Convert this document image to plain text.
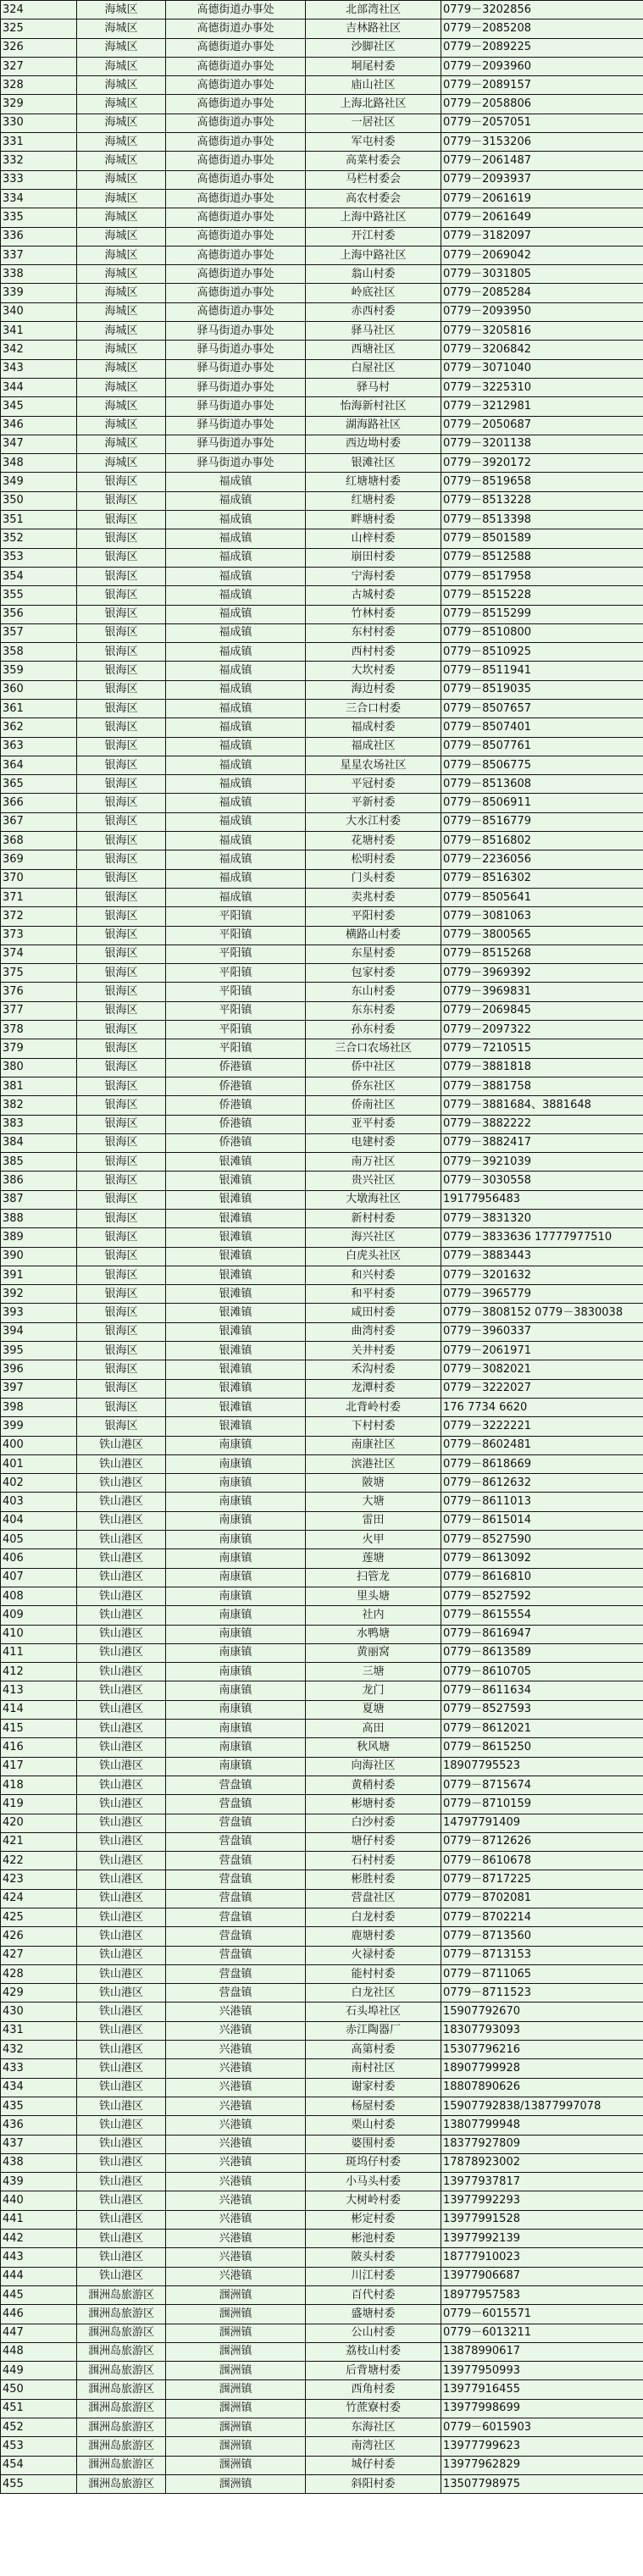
324	海城区	高德街道办事处	北部湾社区	0779－3202856
325	海城区	高德街道办事处	吉林路社区	0779－2085208
326	海城区	高德街道办事处	沙脚社区	0779－2089225
327	海城区	高德街道办事处	垌尾村委	0779－2093960
328	海城区	高德街道办事处	庙山社区	0779－2089157
329	海城区	高德街道办事处	上海北路社区	0779－2058806
330	海城区	高德街道办事处	一居社区	0779－2057051
331	海城区	高德街道办事处	军屯村委	0779－3153206
332	海城区	高德街道办事处	高菜村委会	0779－2061487
333	海城区	高德街道办事处	马栏村委会	0779－2093937
334	海城区	高德街道办事处	高农村委会	0779－2061619
335	海城区	高德街道办事处	上海中路社区	0779－2061649
336	海城区	高德街道办事处	开江村委	0779－3182097
337	海城区	高德街道办事处	上海中路社区	0779－2069042
338	海城区	高德街道办事处	翁山村委	0779－3031805
339	海城区	高德街道办事处	岭底社区	0779－2085284
340	海城区	高德街道办事处	赤西村委	0779－2093950
341	海城区	驿马街道办事处	驿马社区	0779－3205816
342	海城区	驿马街道办事处	西塘社区	0779－3206842
343	海城区	驿马街道办事处	白屋社区	0779－3071040
344	海城区	驿马街道办事处	驿马村	0779－3225310
345	海城区	驿马街道办事处	怡海新村社区	0779－3212981
346	海城区	驿马街道办事处	湖海路社区	0779－2050687
347	海城区	驿马街道办事处	西边坳村委	0779－3201138
348	海城区	驿马街道办事处	银滩社区	0779－3920172
349	银海区	福成镇	红塘塘村委	0779－8519658
350	银海区	福成镇	红塘村委	0779－8513228
351	银海区	福成镇	畔塘村委	0779－8513398
352	银海区	福成镇	山梓村委	0779－8501589
353	银海区	福成镇	崩田村委	0779－8512588
354	银海区	福成镇	宁海村委	0779－8517958
355	银海区	福成镇	古城村委	0779－8515228
356	银海区	福成镇	竹林村委	0779－8515299
357	银海区	福成镇	东村村委	0779－8510800
358	银海区	福成镇	西村村委	0779－8510925
359	银海区	福成镇	大坎村委	0779－8511941
360	银海区	福成镇	海边村委	0779－8519035
361	银海区	福成镇	三合口村委	0779－8507657
362	银海区	福成镇	福成村委	0779－8507401
363	银海区	福成镇	福成社区	0779－8507761
364	银海区	福成镇	星星农场社区	0779－8506775
365	银海区	福成镇	平冠村委	0779－8513608
366	银海区	福成镇	平新村委	0779－8506911
367	银海区	福成镇	大水江村委	0779－8516779
368	银海区	福成镇	花塘村委	0779－8516802
369	银海区	福成镇	松明村委	0779－2236056
370	银海区	福成镇	门头村委	0779－8516302
371	银海区	福成镇	卖兆村委	0779－8505641
372	银海区	平阳镇	平阳村委	0779－3081063
373	银海区	平阳镇	横路山村委	0779－3800565
374	银海区	平阳镇	东星村委	0779－8515268
375	银海区	平阳镇	包家村委	0779－3969392
376	银海区	平阳镇	东山村委	0779－3969831
377	银海区	平阳镇	东东村委	0779－2069845
378	银海区	平阳镇	孙东村委	0779－2097322
379	银海区	平阳镇	三合口农场社区	0779－7210515
380	银海区	侨港镇	侨中社区	0779－3881818
381	银海区	侨港镇	侨东社区	0779－3881758
382	银海区	侨港镇	侨南社区	0779－3881684、3881648
383	银海区	侨港镇	亚平村委	0779－3882222
384	银海区	侨港镇	电建村委	0779－3882417
385	银海区	银滩镇	南万社区	0779－3921039
386	银海区	银滩镇	贵兴社区	0779－3030558
387	银海区	银滩镇	大墩海社区	19177956483
388	银海区	银滩镇	新村村委	0779－3831320
389	银海区	银滩镇	海兴社区	0779－3833636 17777977510
390	银海区	银滩镇	白虎头社区	0779－3883443
391	银海区	银滩镇	和兴村委	0779－3201632
392	银海区	银滩镇	和平村委	0779－3965779
393	银海区	银滩镇	咸田村委	0779－3808152 0779－3830038
394	银海区	银滩镇	曲湾村委	0779－3960337
395	银海区	银滩镇	关井村委	0779－2061971
396	银海区	银滩镇	禾沟村委	0779－3082021
397	银海区	银滩镇	龙潭村委	0779－3222027
398	银海区	银滩镇	北背岭村委	176 7734 6620
399	银海区	银滩镇	下村村委	0779－3222221
400	铁山港区	南康镇	南康社区	0779－8602481
401	铁山港区	南康镇	滨港社区	0779－8618669
402	铁山港区	南康镇	陂塘	0779－8612632
403	铁山港区	南康镇	大塘	0779－8611013
404	铁山港区	南康镇	雷田	0779－8615014
405	铁山港区	南康镇	火甲	0779－8527590
406	铁山港区	南康镇	莲塘	0779－8613092
407	铁山港区	南康镇	扫管龙	0779－8616810
408	铁山港区	南康镇	里头塘	0779－8527592
409	铁山港区	南康镇	社内	0779－8615554
410	铁山港区	南康镇	水鸭塘	0779－8616947
411	铁山港区	南康镇	黄丽窝	0779－8613589
412	铁山港区	南康镇	三塘	0779－8610705
413	铁山港区	南康镇	龙门	0779－8611634
414	铁山港区	南康镇	夏塘	0779－8527593
415	铁山港区	南康镇	高田	0779－8612021
416	铁山港区	南康镇	秋风塘	0779－8615250
417	铁山港区	南康镇	向海社区	18907795523
418	铁山港区	营盘镇	黄稍村委	0779－8715674
419	铁山港区	营盘镇	彬塘村委	0779－8710159
420	铁山港区	营盘镇	白沙村委	14797791409
421	铁山港区	营盘镇	塘仔村委	0779－8712626
422	铁山港区	营盘镇	石村村委	0779－8610678
423	铁山港区	营盘镇	彬胜村委	0779－8717225
424	铁山港区	营盘镇	营盘社区	0779－8702081
425	铁山港区	营盘镇	白龙村委	0779－8702214
426	铁山港区	营盘镇	鹿塘村委	0779－8713560
427	铁山港区	营盘镇	火禄村委	0779－8713153
428	铁山港区	营盘镇	能村村委	0779－8711065
429	铁山港区	营盘镇	白龙社区	0779－8711523
430	铁山港区	兴港镇	石头埠社区	15907792670
431	铁山港区	兴港镇	赤江陶器厂	18307793093
432	铁山港区	兴港镇	高第村委	15307796216
433	铁山港区	兴港镇	南村社区	18907799928
434	铁山港区	兴港镇	谢家村委	18807890626
435	铁山港区	兴港镇	杨屋村委	15907792838/13877997078
436	铁山港区	兴港镇	栗山村委	13807799948
437	铁山港区	兴港镇	婆围村委	18377927809
438	铁山港区	兴港镇	斑坞仔村委	17878923002
439	铁山港区	兴港镇	小马头村委	13977937817
440	铁山港区	兴港镇	大树岭村委	13977992293
441	铁山港区	兴港镇	彬定村委	13977991528
442	铁山港区	兴港镇	彬池村委	13977992139
443	铁山港区	兴港镇	陂头村委	18777910023
444	铁山港区	兴港镇	川江村委	13977906687
445	涠洲岛旅游区	涠洲镇	百代村委	18977957583
446	涠洲岛旅游区	涠洲镇	盛塘村委	0779－6015571
447	涠洲岛旅游区	涠洲镇	公山村委	0779－6013211
448	涠洲岛旅游区	涠洲镇	荔枝山村委	13878990617
449	涠洲岛旅游区	涠洲镇	后背塘村委	13977950993
450	涠洲岛旅游区	涠洲镇	西角村委	13977916455
451	涠洲岛旅游区	涠洲镇	竹蔗寮村委	13977998699
452	涠洲岛旅游区	涠洲镇	东海社区	0779－6015903
453	涠洲岛旅游区	涠洲镇	南湾社区	13977799623
454	涠洲岛旅游区	涠洲镇	城仔村委	13977962829
455	涠洲岛旅游区	涠洲镇	斜阳村委	13507798975
